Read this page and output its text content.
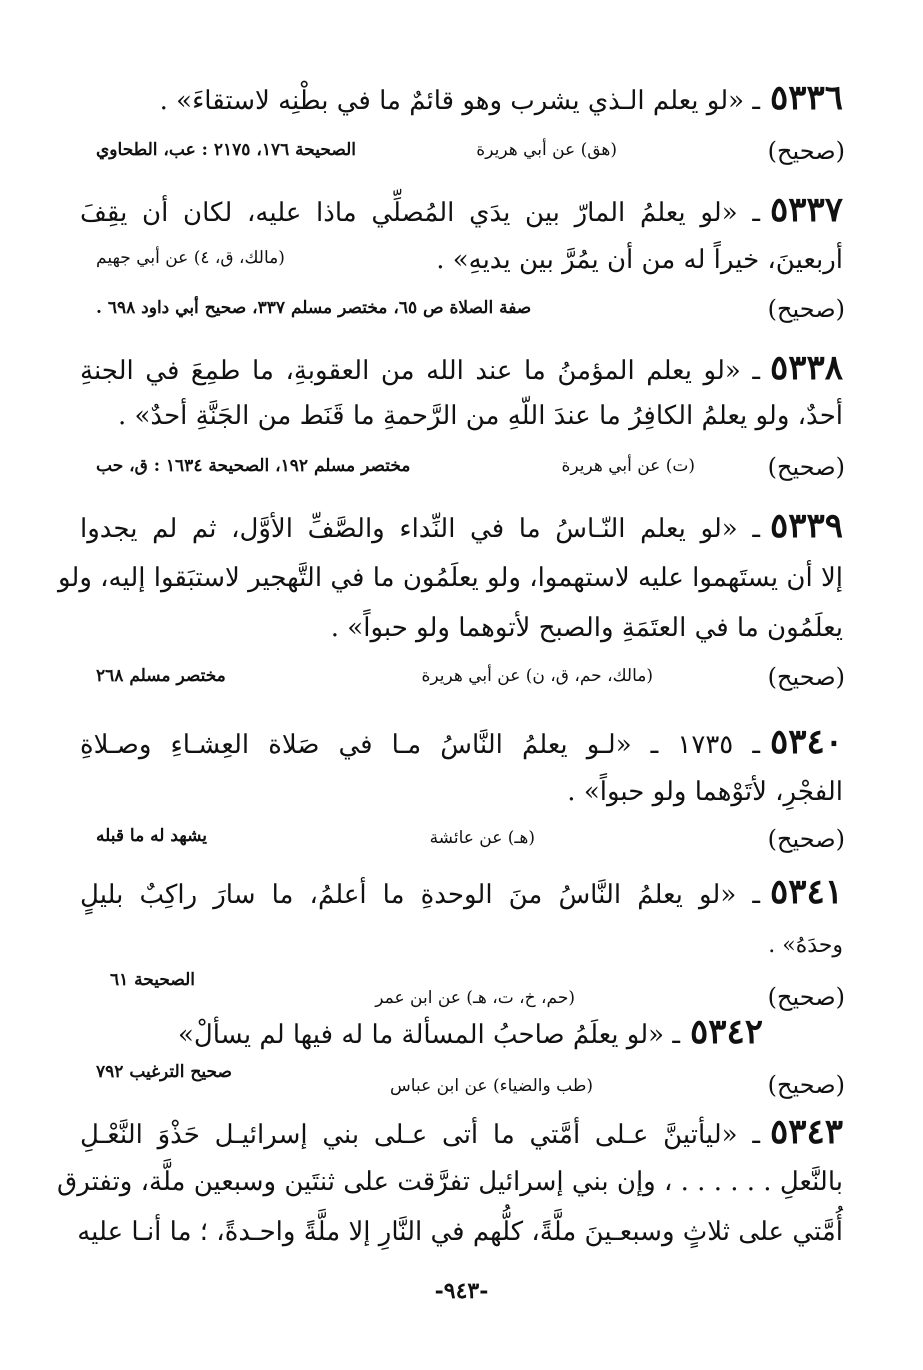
٥٣٣٦ـ «لو يعلم الـذي يشرب وهو قائمٌ ما في بطْنِه لاستقاءَ» .
(صحيح)
(هق) عن أبي هريرة
الصحيحة ١٧٦، ٢١٧٥ : عب، الطحاوي
٥٣٣٧ـ «لو يعلمُ المارّ بين يدَي المُصلِّي ماذا عليه، لكان أن يقِفَ
أربعينَ، خيراً له من أن يمُرَّ بين يديهِ» .
(مالك، ق، ٤) عن أبي جهيم
(صحيح)
صفة الصلاة ص ٦٥، مختصر مسلم ٣٣٧، صحيح أبي داود ٦٩٨ .
٥٣٣٨ـ «لو يعلم المؤمنُ ما عند الله من العقوبةِ، ما طمِعَ في الجنةِ
أحدٌ، ولو يعلمُ الكافِرُ ما عندَ اللّهِ من الرَّحمةِ ما قَنَط من الجَنَّةِ أحدٌ» .
(صحيح)
(ت) عن أبي هريرة
مختصر مسلم ١٩٢، الصحيحة ١٦٣٤ : ق، حب
٥٣٣٩ـ «لو يعلم النّـاسُ ما في النِّداء والصَّفِّ الأوَّل، ثم لم يجدوا
إلا أن يستَهموا عليه لاستهموا، ولو يعلَمُون ما في التَّهجير لاستبَقوا إليه، ولو
يعلَمُون ما في العتَمَةِ والصبح لأتوهما ولو حبواً» .
(صحيح)
(مالك، حم، ق، ن) عن أبي هريرة
مختصر مسلم ٢٦٨
٥٣٤٠ـ ١٧٣٥ ـ «لـو يعلمُ النَّاسُ مـا في صَلاة العِشـاءِ وصـلاةِ
الفجْرِ، لأتَوْهما ولو حبواً» .
(صحيح)
(هـ) عن عائشة
يشهد له ما قبله
٥٣٤١ـ «لو يعلمُ النَّاسُ منَ الوحدةِ ما أعلمُ، ما سارَ راكِبٌ بليلٍ
وحدَهُ» .
(صحيح)
(حم، خ، ت، هـ) عن ابن عمر
الصحيحة ٦١
٥٣٤٢ـ «لو يعلَمُ صاحبُ المسألة ما له فيها لم يسألْ»
(صحيح)
(طب والضياء) عن ابن عباس
صحيح الترغيب ٧٩٢
٥٣٤٣ـ «ليأتينَّ عـلى أمَّتي ما أتى عـلى بني إسرائيـل حَذْوَ النَّعْـلِ
بالنَّعلِ . . . . . . ، وإن بني إسرائيل تفرَّقت على ثنتَين وسبعين ملَّة، وتفترق
أُمَّتي على ثلاثٍ وسبعـينَ ملَّةً، كلُّهم في النَّارِ إلا ملَّةً واحـدةً، ؛ ما أنـا عليه
-٩٤٣-
